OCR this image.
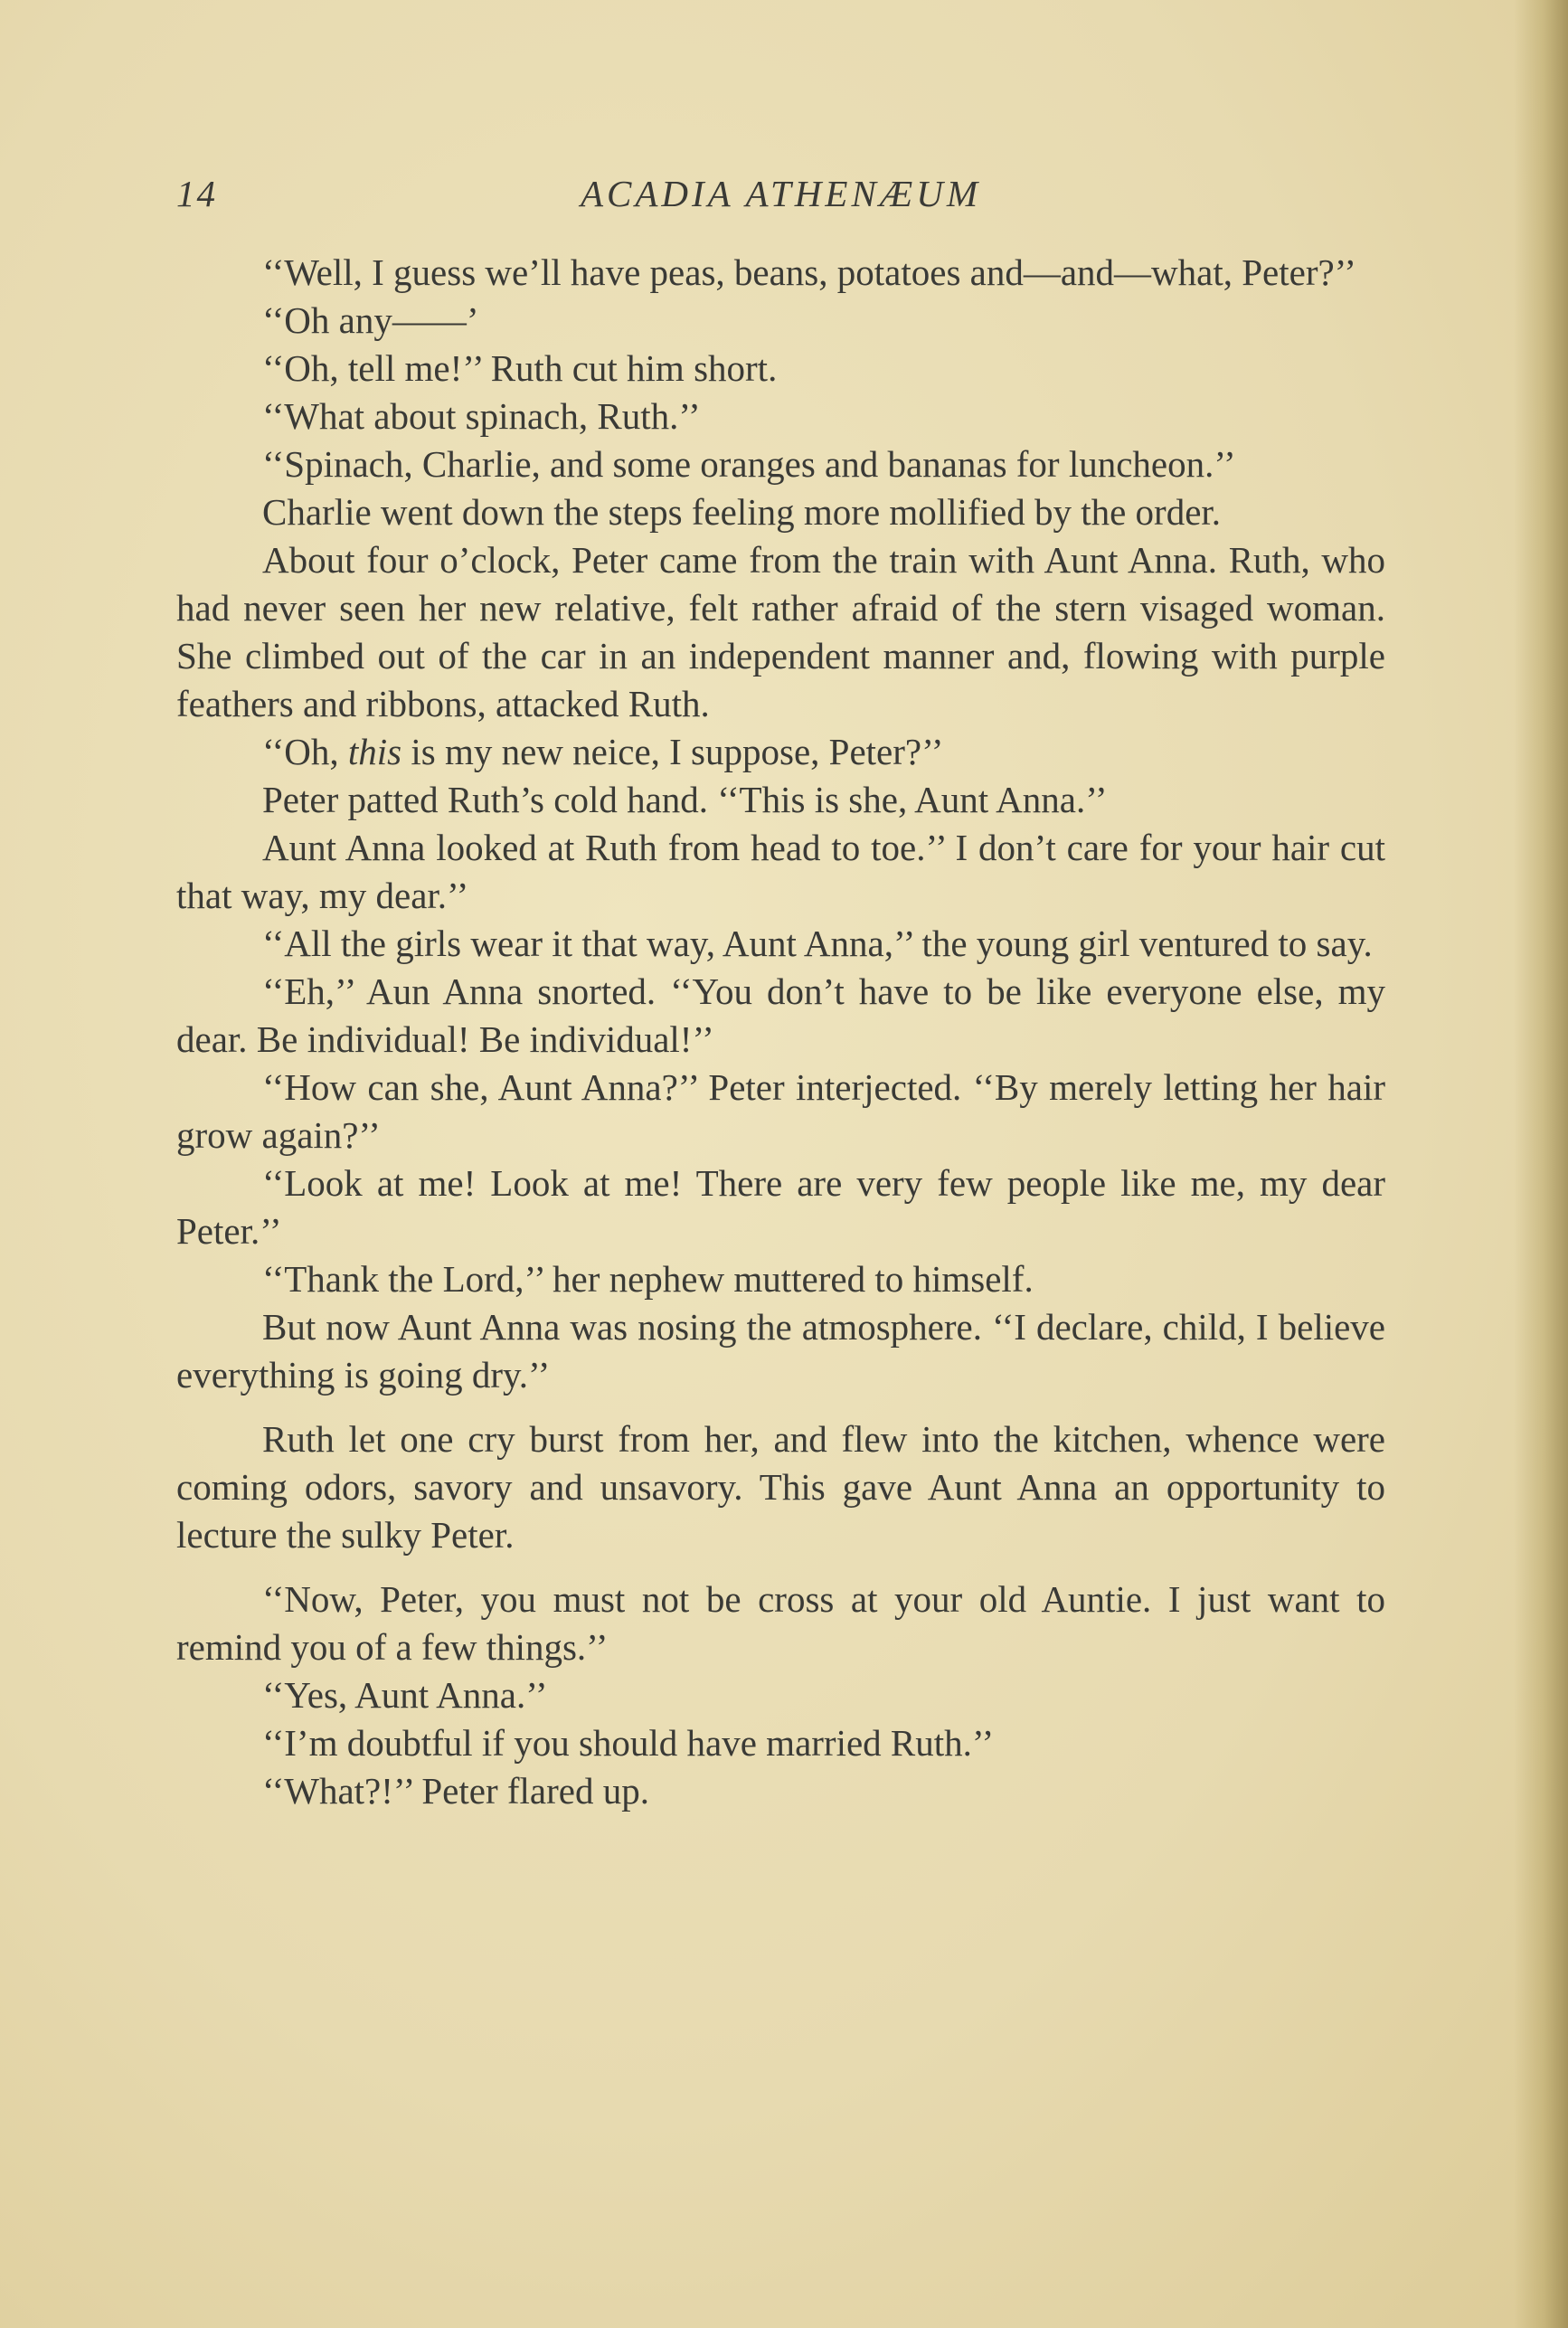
14	ACADIA ATHENÆUM

‘‘Well, I guess we’ll have peas, beans, potatoes and—and—what, Peter?’’

‘‘Oh any——’

‘‘Oh, tell me!’’ Ruth cut him short.

‘‘What about spinach, Ruth.’’

‘‘Spinach, Charlie, and some oranges and bananas for luncheon.’’

Charlie went down the steps feeling more mollified by the order.

About four o’clock, Peter came from the train with Aunt Anna. Ruth, who had never seen her new relative, felt rather afraid of the stern visaged woman. She climbed out of the car in an independent manner and, flowing with purple feathers and ribbons, attacked Ruth.

‘‘Oh, this is my new neice, I suppose, Peter?’’

Peter patted Ruth’s cold hand. ‘‘This is she, Aunt Anna.’’

Aunt Anna looked at Ruth from head to toe.’’ I don’t care for your hair cut that way, my dear.’’

‘‘All the girls wear it that way, Aunt Anna,’’ the young girl ventured to say.

‘‘Eh,’’ Aun Anna snorted. ‘‘You don’t have to be like everyone else, my dear. Be individual! Be individual!’’

‘‘How can she, Aunt Anna?’’ Peter interjected. ‘‘By merely letting her hair grow again?’’

‘‘Look at me! Look at me! There are very few people like me, my dear Peter.’’

‘‘Thank the Lord,’’ her nephew muttered to himself.

But now Aunt Anna was nosing the atmosphere. ‘‘I declare, child, I believe everything is going dry.’’

Ruth let one cry burst from her, and flew into the kitchen, whence were coming odors, savory and unsavory. This gave Aunt Anna an opportunity to lecture the sulky Peter.

‘‘Now, Peter, you must not be cross at your old Auntie. I just want to remind you of a few things.’’

‘‘Yes, Aunt Anna.’’

‘‘I’m doubtful if you should have married Ruth.’’

‘‘What?!’’ Peter flared up.
